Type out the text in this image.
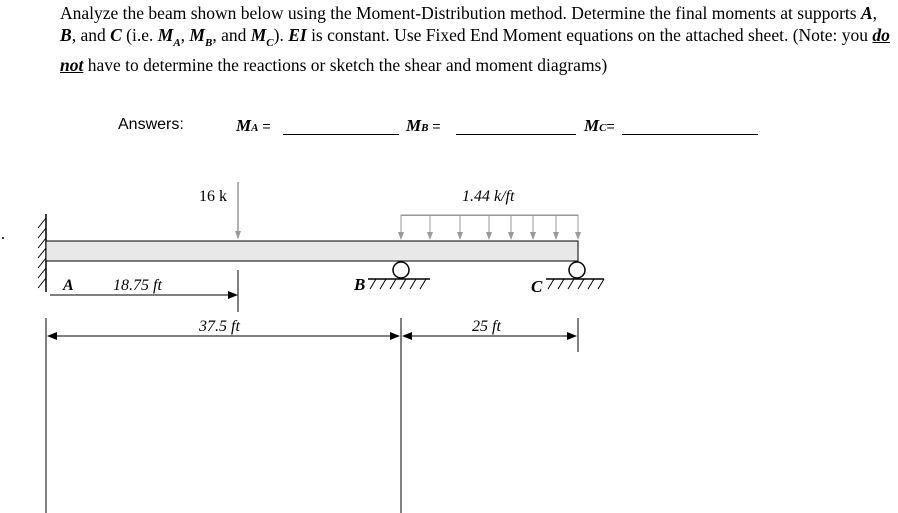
Analyze the beam shown below using the Moment-Distribution method. Determine the final moments at supports A, B, and C (i.e. $M_A$, $M_B$, and $M_C$). EI is constant. Use Fixed End Moment equations on the attached sheet. (Note: you do not have to determine the reactions or sketch the shear and moment diagrams)

Answers:	MA =	MB =	MC=
16 k	1.44 k/ft
B	C
A 18.75 ft
37.5 ft	25 ft
